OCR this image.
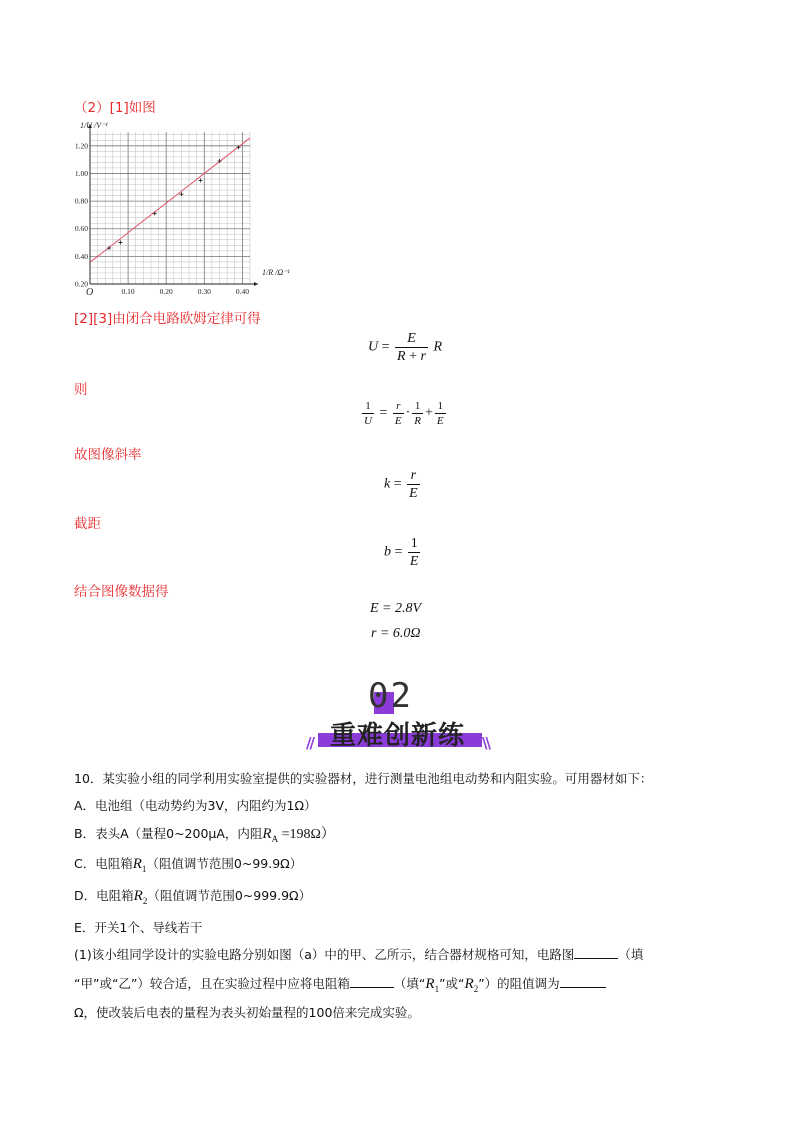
（2）[1]如图
0.10	0.20	0.30	0.40
0.20
0.40
0.60
0.80
1.00
1.20
1/U /V⁻¹
1/R /Ω⁻¹
O
[2][3]由闭合电路欧姆定律可得
$U = \frac{E}{R + r}$ R
则
$\frac{1}{U} = \frac{r}{E} \cdot \frac{1}{R} + \frac{1}{E}$
故图像斜率
$k = \frac{r}{E}$
截距
$b = \frac{1}{E}$
结合图像数据得
E = 2.8V
r = 6.0Ω
02
//	\\
重难创新练
10．某实验小组的同学利用实验室提供的实验器材，进行测量电池组电动势和内阻实验。可用器材如下：
A．电池组（电动势约为3V，内阻约为1Ω）
B．表头A（量程0~200μA，内阻$R_A =198\Omega$）
C．电阻箱$R_1$（阻值调节范围0~99.9Ω）
D．电阻箱$R_2$（阻值调节范围0~999.9Ω）
E．开关1个、导线若干
(1)该小组同学设计的实验电路分别如图（a）中的甲、乙所示，结合器材规格可知，电路图	（填
“甲”或“乙”）较合适，且在实验过程中应将电阻箱	（填“$R_1$”或“$R_2$”）的阻值调为
Ω，使改装后电表的量程为表头初始量程的100倍来完成实验。
